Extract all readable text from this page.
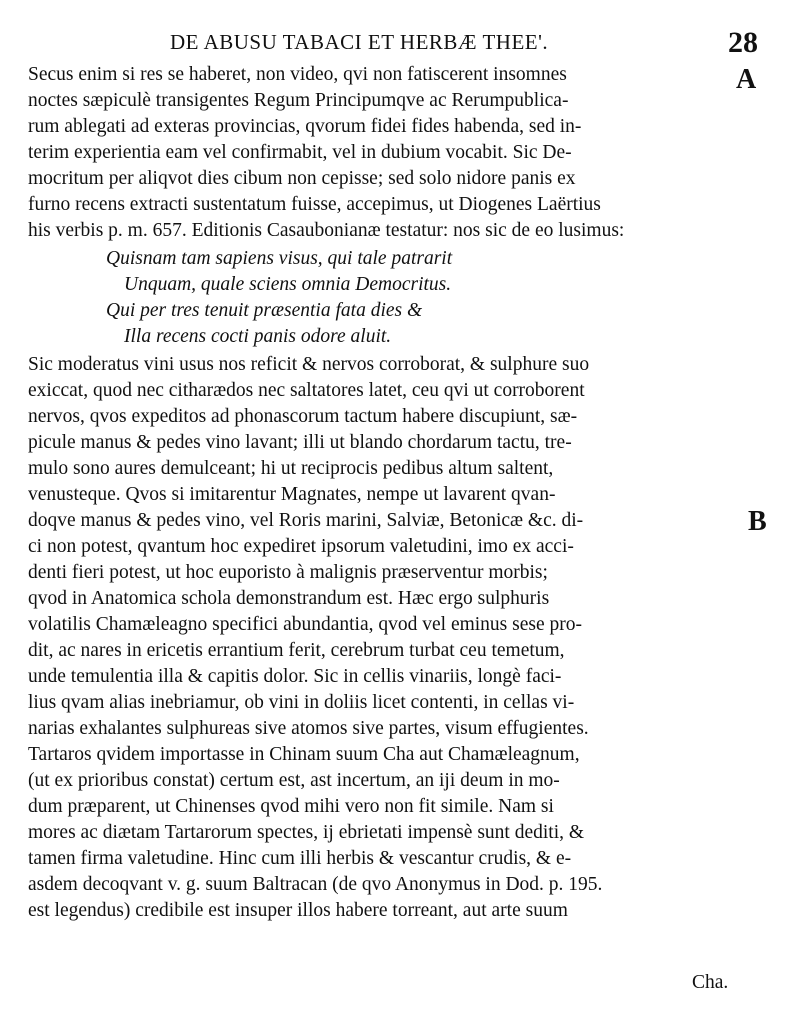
DE ABUSU TABACI ET HERBÆ THEE'.	28
A
B
Secus enim si res se haberet, non video, qvi non fatiscerent insomnes
noctes sæpiculè transigentes Regum Principumqve ac Rerumpublica-
rum ablegati ad exteras provincias, qvorum fidei fides habenda, sed in-
terim experientia eam vel confirmabit, vel in dubium vocabit. Sic De-
mocritum per aliqvot dies cibum non cepisse; sed solo nidore panis ex
furno recens extracti sustentatum fuisse, accepimus, ut Diogenes Laërtius
his verbis p. m. 657. Editionis Casaubonianæ testatur: nos sic de eo lusimus:
Quisnam tam sapiens visus, qui tale patrarit
Unquam, quale sciens omnia Democritus.
Qui per tres tenuit præsentia fata dies &
Illa recens cocti panis odore aluit.
Sic moderatus vini usus nos reficit & nervos corroborat, & sulphure suo
exiccat, quod nec citharædos nec saltatores latet, ceu qvi ut corroborent
nervos, qvos expeditos ad phonascorum tactum habere discupiunt, sæ-
picule manus & pedes vino lavant; illi ut blando chordarum tactu, tre-
mulo sono aures demulceant; hi ut reciprocis pedibus altum saltent,
venusteque. Qvos si imitarentur Magnates, nempe ut lavarent qvan-
doqve manus & pedes vino, vel Roris marini, Salviæ, Betonicæ &c. di-
ci non potest, qvantum hoc expediret ipsorum valetudini, imo ex acci-
denti fieri potest, ut hoc euporisto à malignis præserventur morbis;
qvod in Anatomica schola demonstrandum est. Hæc ergo sulphuris
volatilis Chamæleagno specifici abundantia, qvod vel eminus sese pro-
dit, ac nares in ericetis errantium ferit, cerebrum turbat ceu temetum,
unde temulentia illa & capitis dolor. Sic in cellis vinariis, longè faci-
lius qvam alias inebriamur, ob vini in doliis licet contenti, in cellas vi-
narias exhalantes sulphureas sive atomos sive partes, visum effugientes.
Tartaros qvidem importasse in Chinam suum Cha aut Chamæleagnum,
(ut ex prioribus constat) certum est, ast incertum, an iji deum in mo-
dum præparent, ut Chinenses qvod mihi vero non fit simile. Nam si
mores ac diætam Tartarorum spectes, ij ebrietati impensè sunt dediti, &
tamen firma valetudine. Hinc cum illi herbis & vescantur crudis, & e-
asdem decoqvant v. g. suum Baltracan (de qvo Anonymus in Dod. p. 195.
est legendus) credibile est insuper illos habere torreant, aut arte suum
Cha.
